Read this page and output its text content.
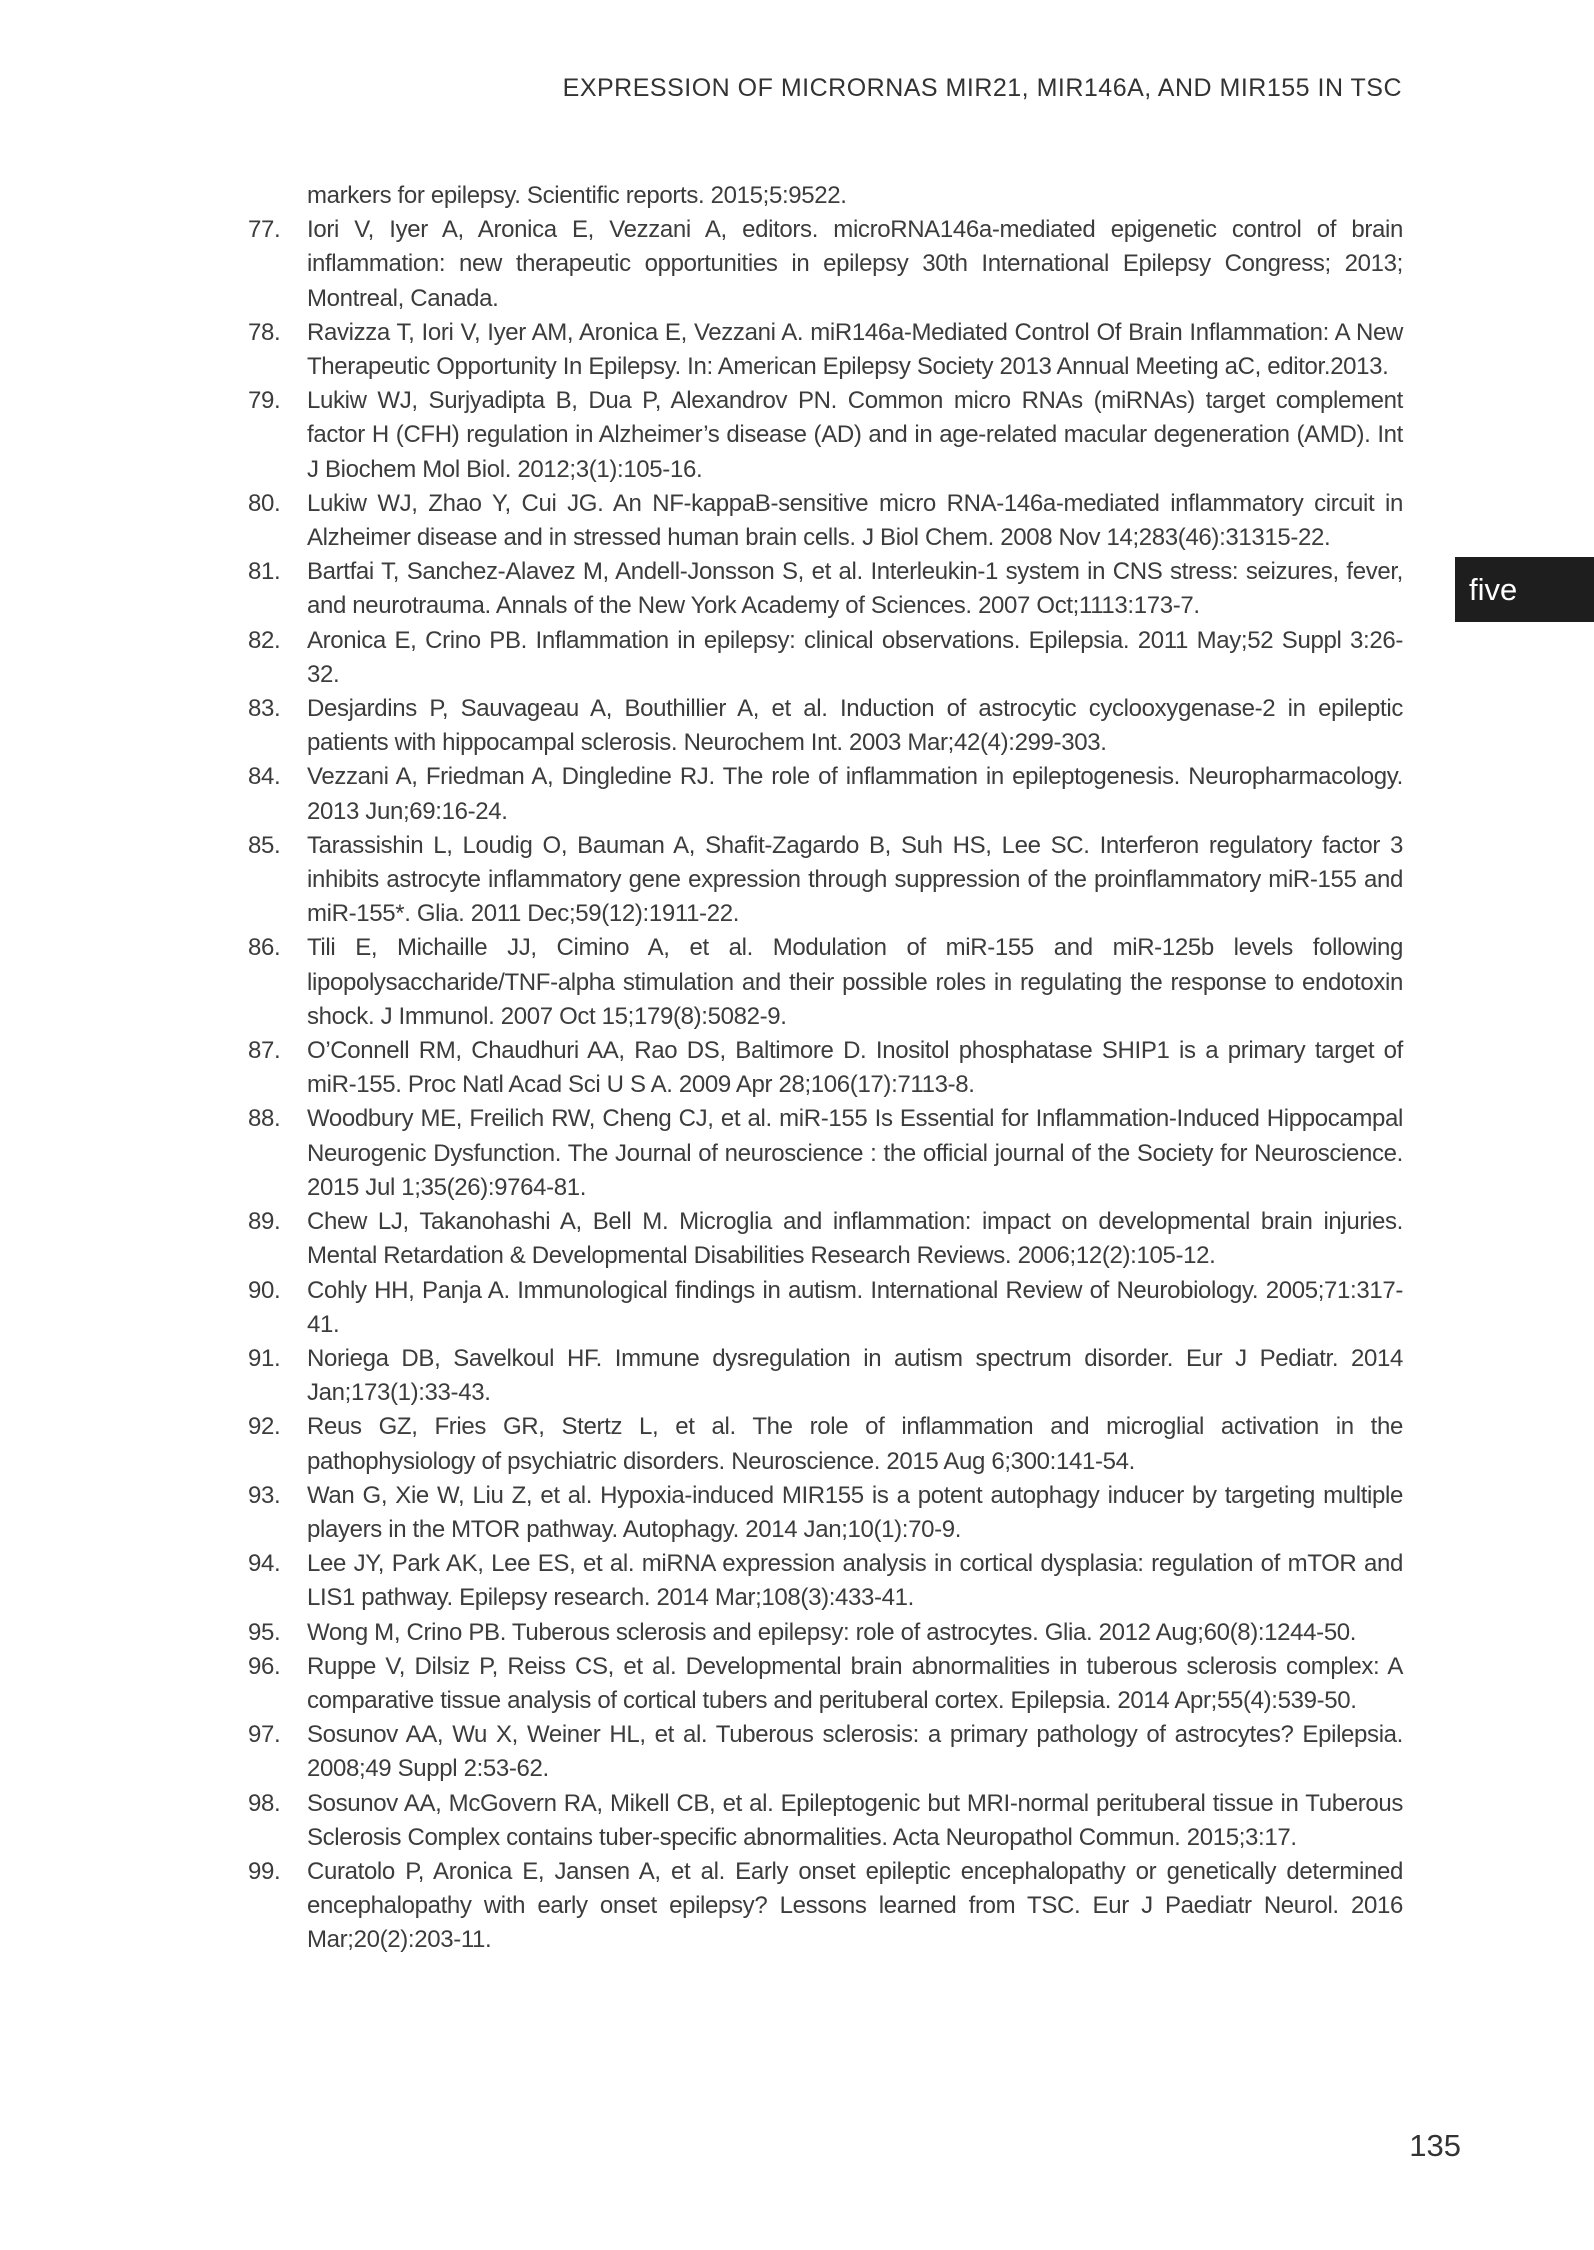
EXPRESSION OF MICRORNAS MIR21, MIR146A, AND MIR155 IN TSC
five
markers for epilepsy. Scientific reports. 2015;5:9522.
77. Iori V, Iyer A, Aronica E, Vezzani A, editors. microRNA146a-mediated epigenetic control of brain inflammation: new therapeutic opportunities in epilepsy 30th International Epilepsy Congress; 2013; Montreal, Canada.
78. Ravizza T, Iori V, Iyer AM, Aronica E, Vezzani A. miR146a-Mediated Control Of Brain Inflammation: A New Therapeutic Opportunity In Epilepsy. In: American Epilepsy Society 2013 Annual Meeting aC, editor.2013.
79. Lukiw WJ, Surjyadipta B, Dua P, Alexandrov PN. Common micro RNAs (miRNAs) target complement factor H (CFH) regulation in Alzheimer’s disease (AD) and in age-related macular degeneration (AMD). Int J Biochem Mol Biol. 2012;3(1):105-16.
80. Lukiw WJ, Zhao Y, Cui JG. An NF-kappaB-sensitive micro RNA-146a-mediated inflammatory circuit in Alzheimer disease and in stressed human brain cells. J Biol Chem. 2008 Nov 14;283(46):31315-22.
81. Bartfai T, Sanchez-Alavez M, Andell-Jonsson S, et al. Interleukin-1 system in CNS stress: seizures, fever, and neurotrauma. Annals of the New York Academy of Sciences. 2007 Oct;1113:173-7.
82. Aronica E, Crino PB. Inflammation in epilepsy: clinical observations. Epilepsia. 2011 May;52 Suppl 3:26-32.
83. Desjardins P, Sauvageau A, Bouthillier A, et al. Induction of astrocytic cyclooxygenase-2 in epileptic patients with hippocampal sclerosis. Neurochem Int. 2003 Mar;42(4):299-303.
84. Vezzani A, Friedman A, Dingledine RJ. The role of inflammation in epileptogenesis. Neuropharmacology. 2013 Jun;69:16-24.
85. Tarassishin L, Loudig O, Bauman A, Shafit-Zagardo B, Suh HS, Lee SC. Interferon regulatory factor 3 inhibits astrocyte inflammatory gene expression through suppression of the proinflammatory miR-155 and miR-155*. Glia. 2011 Dec;59(12):1911-22.
86. Tili E, Michaille JJ, Cimino A, et al. Modulation of miR-155 and miR-125b levels following lipopolysaccharide/TNF-alpha stimulation and their possible roles in regulating the response to endotoxin shock. J Immunol. 2007 Oct 15;179(8):5082-9.
87. O’Connell RM, Chaudhuri AA, Rao DS, Baltimore D. Inositol phosphatase SHIP1 is a primary target of miR-155. Proc Natl Acad Sci U S A. 2009 Apr 28;106(17):7113-8.
88. Woodbury ME, Freilich RW, Cheng CJ, et al. miR-155 Is Essential for Inflammation-Induced Hippocampal Neurogenic Dysfunction. The Journal of neuroscience : the official journal of the Society for Neuroscience. 2015 Jul 1;35(26):9764-81.
89. Chew LJ, Takanohashi A, Bell M. Microglia and inflammation: impact on developmental brain injuries. Mental Retardation & Developmental Disabilities Research Reviews. 2006;12(2):105-12.
90. Cohly HH, Panja A. Immunological findings in autism. International Review of Neurobiology. 2005;71:317-41.
91. Noriega DB, Savelkoul HF. Immune dysregulation in autism spectrum disorder. Eur J Pediatr. 2014 Jan;173(1):33-43.
92. Reus GZ, Fries GR, Stertz L, et al. The role of inflammation and microglial activation in the pathophysiology of psychiatric disorders. Neuroscience. 2015 Aug 6;300:141-54.
93. Wan G, Xie W, Liu Z, et al. Hypoxia-induced MIR155 is a potent autophagy inducer by targeting multiple players in the MTOR pathway. Autophagy. 2014 Jan;10(1):70-9.
94. Lee JY, Park AK, Lee ES, et al. miRNA expression analysis in cortical dysplasia: regulation of mTOR and LIS1 pathway. Epilepsy research. 2014 Mar;108(3):433-41.
95. Wong M, Crino PB. Tuberous sclerosis and epilepsy: role of astrocytes. Glia. 2012 Aug;60(8):1244-50.
96. Ruppe V, Dilsiz P, Reiss CS, et al. Developmental brain abnormalities in tuberous sclerosis complex: A comparative tissue analysis of cortical tubers and perituberal cortex. Epilepsia. 2014 Apr;55(4):539-50.
97. Sosunov AA, Wu X, Weiner HL, et al. Tuberous sclerosis: a primary pathology of astrocytes? Epilepsia. 2008;49 Suppl 2:53-62.
98. Sosunov AA, McGovern RA, Mikell CB, et al. Epileptogenic but MRI-normal perituberal tissue in Tuberous Sclerosis Complex contains tuber-specific abnormalities. Acta Neuropathol Commun. 2015;3:17.
99. Curatolo P, Aronica E, Jansen A, et al. Early onset epileptic encephalopathy or genetically determined encephalopathy with early onset epilepsy? Lessons learned from TSC. Eur J Paediatr Neurol. 2016 Mar;20(2):203-11.
135
